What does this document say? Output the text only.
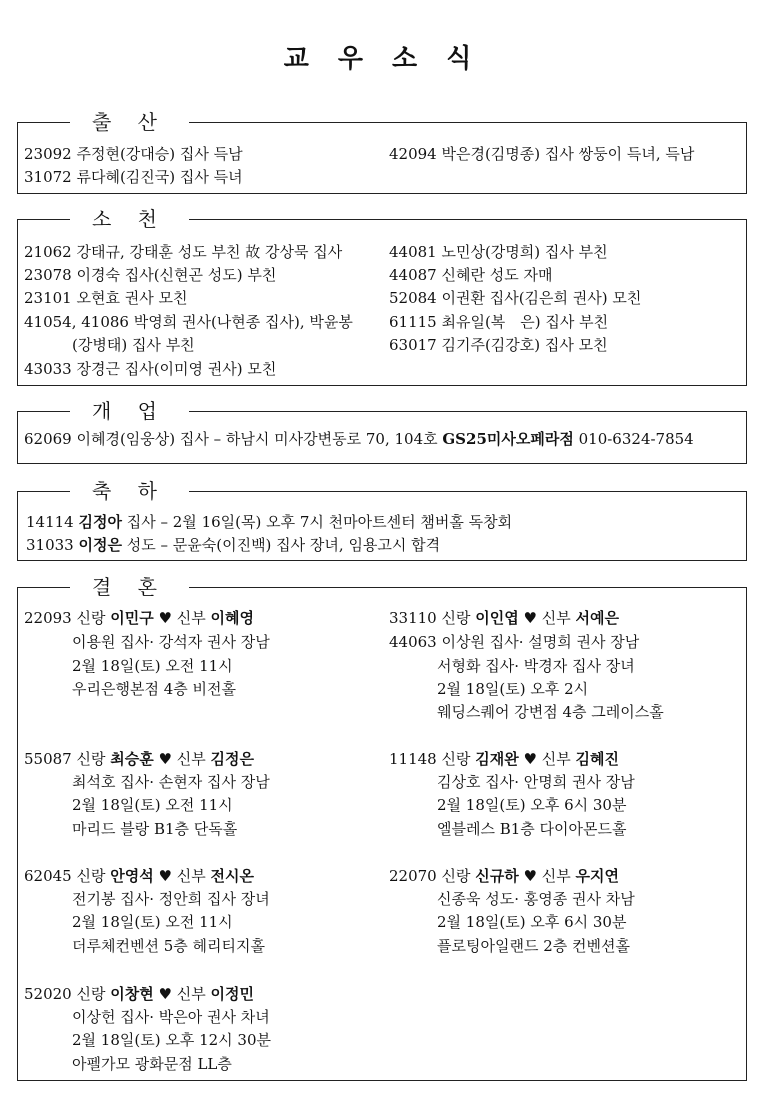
교 우 소 식
출 산
23092 주정현(강대승) 집사 득남
31072 류다혜(김진국) 집사 득녀
42094 박은경(김명종) 집사 쌍둥이 득녀, 득남
소 천
21062 강태규, 강태훈 성도 부친 故 강상묵 집사
23078 이경숙 집사(신현곤 성도) 부친
23101 오현효 권사 모친
41054, 41086 박영희 권사(나현종 집사), 박윤봉
(강병태) 집사 부친
43033 장경근 집사(이미영 권사) 모친
44081 노민상(강명희) 집사 부친
44087 신혜란 성도 자매
52084 이권환 집사(김은희 권사) 모친
61115 최유일(복　은) 집사 부친
63017 김기주(김강호) 집사 모친
개 업
62069 이혜경(임웅상) 집사 – 하남시 미사강변동로 70, 104호 GS25미사오페라점 010-6324-7854
축 하
14114 김정아 집사 – 2월 16일(목) 오후 7시 천마아트센터 챔버홀 독창회
31033 이정은 성도 – 문윤숙(이진백) 집사 장녀, 임용고시 합격
결 혼
22093 신랑 이민구 ♥ 신부 이혜영
이용원 집사· 강석자 권사 장남
2월 18일(토) 오전 11시
우리은행본점 4층 비전홀
33110 신랑 이인엽 ♥ 신부 서예은
44063 이상원 집사· 설명희 권사 장남
서형화 집사· 박경자 집사 장녀
2월 18일(토) 오후 2시
웨딩스퀘어 강변점 4층 그레이스홀
55087 신랑 최승훈 ♥ 신부 김정은
최석호 집사· 손현자 집사 장남
2월 18일(토) 오전 11시
마리드 블랑 B1층 단독홀
11148 신랑 김재완 ♥ 신부 김혜진
김상호 집사· 안명희 권사 장남
2월 18일(토) 오후 6시 30분
엘블레스 B1층 다이아몬드홀
62045 신랑 안영석 ♥ 신부 전시온
전기봉 집사· 정안희 집사 장녀
2월 18일(토) 오전 11시
더루체컨벤션 5층 헤리티지홀
22070 신랑 신규하 ♥ 신부 우지연
신종욱 성도· 홍영종 권사 차남
2월 18일(토) 오후 6시 30분
플로팅아일랜드 2층 컨벤션홀
52020 신랑 이창현 ♥ 신부 이정민
이상헌 집사· 박은아 권사 차녀
2월 18일(토) 오후 12시 30분
아펠가모 광화문점 LL층
